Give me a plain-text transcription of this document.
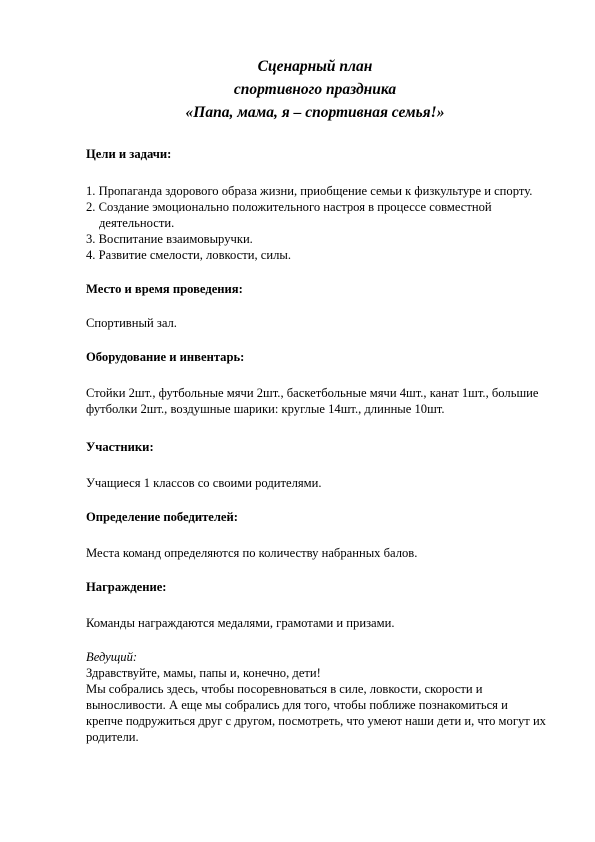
Сценарный план
спортивного праздника
«Папа, мама, я – спортивная семья!»

Цели и задачи:

1. Пропаганда здорового образа жизни, приобщение семьи к физкультуре и спорту.
2. Создание эмоционально положительного настроя в процессе совместной деятельности.
3. Воспитание взаимовыручки.
4. Развитие смелости, ловкости, силы.

Место и время проведения:

Спортивный зал.

Оборудование и инвентарь:

Стойки 2шт., футбольные мячи 2шт., баскетбольные мячи 4шт., канат 1шт., большие футболки 2шт., воздушные шарики: круглые 14шт., длинные 10шт.

Участники:

Учащиеся 1 классов со своими родителями.

Определение победителей:

Места команд определяются по количеству набранных балов.

Награждение:

Команды награждаются медалями, грамотами и призами.

Ведущий:

Здравствуйте, мамы, папы и, конечно, дети!

Мы собрались здесь, чтобы посоревноваться в силе, ловкости, скорости и выносливости. А еще мы собрались для того, чтобы поближе познакомиться и крепче подружиться друг с другом, посмотреть, что умеют наши дети и, что могут их родители.
